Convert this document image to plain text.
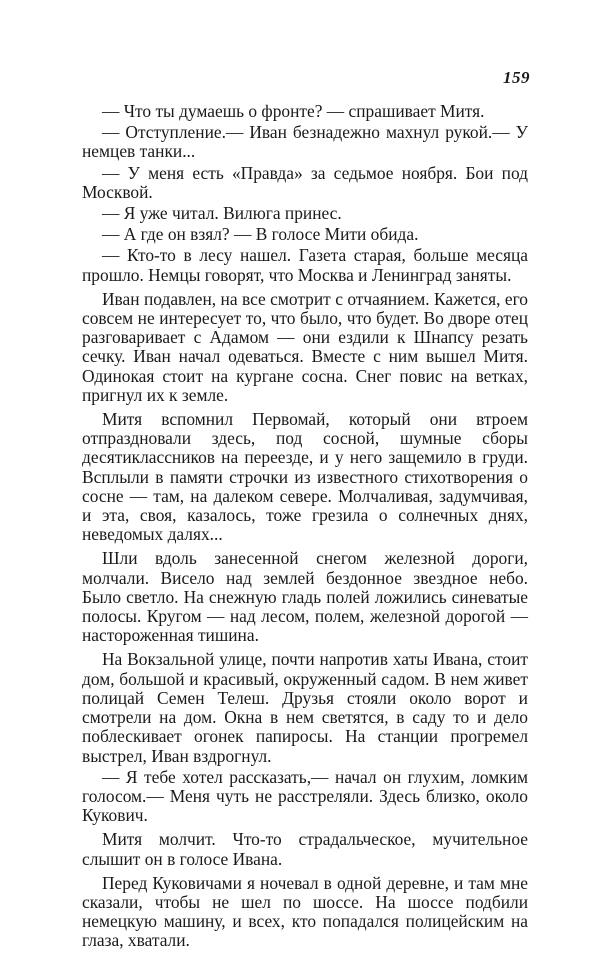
159

— Что ты думаешь о фронте? — спрашивает Митя.

— Отступление.— Иван безнадежно махнул рукой.— У немцев танки...

— У меня есть «Правда» за седьмое ноября. Бои под Москвой.

— Я уже читал. Вилюга принес.

— А где он взял? — В голосе Мити обида.

— Кто-то в лесу нашел. Газета старая, больше месяца прошло. Немцы говорят, что Москва и Ленинград заняты.

Иван подавлен, на все смотрит с отчаянием. Кажется, его совсем не интересует то, что было, что будет. Во дворе отец разговаривает с Адамом — они ездили к Шнапсу резать сечку. Иван начал одеваться. Вместе с ним вышел Митя. Одинокая стоит на кургане сосна. Снег повис на ветках, пригнул их к земле.

Митя вспомнил Первомай, который они втроем отпраздновали здесь, под сосной, шумные сборы десятиклассников на переезде, и у него защемило в груди. Всплыли в памяти строчки из известного стихотворения о сосне — там, на далеком севере. Молчаливая, задумчивая, и эта, своя, казалось, тоже грезила о солнечных днях, неведомых далях...

Шли вдоль занесенной снегом железной дороги, молчали. Висело над землей бездонное звездное небо. Было светло. На снежную гладь полей ложились синеватые полосы. Кругом — над лесом, полем, железной дорогой — настороженная тишина.

На Вокзальной улице, почти напротив хаты Ивана, стоит дом, большой и красивый, окруженный садом. В нем живет полицай Семен Телеш. Друзья стояли около ворот и смотрели на дом. Окна в нем светятся, в саду то и дело поблескивает огонек папиросы. На станции прогремел выстрел, Иван вздрогнул.

— Я тебе хотел рассказать,— начал он глухим, ломким голосом.— Меня чуть не расстреляли. Здесь близко, около Кукович.

Митя молчит. Что-то страдальческое, мучительное слышит он в голосе Ивана.

Перед Куковичами я ночевал в одной деревне, и там мне сказали, чтобы не шел по шоссе. На шоссе подбили немецкую машину, и всех, кто попадался полицейским на глаза, хватали.
